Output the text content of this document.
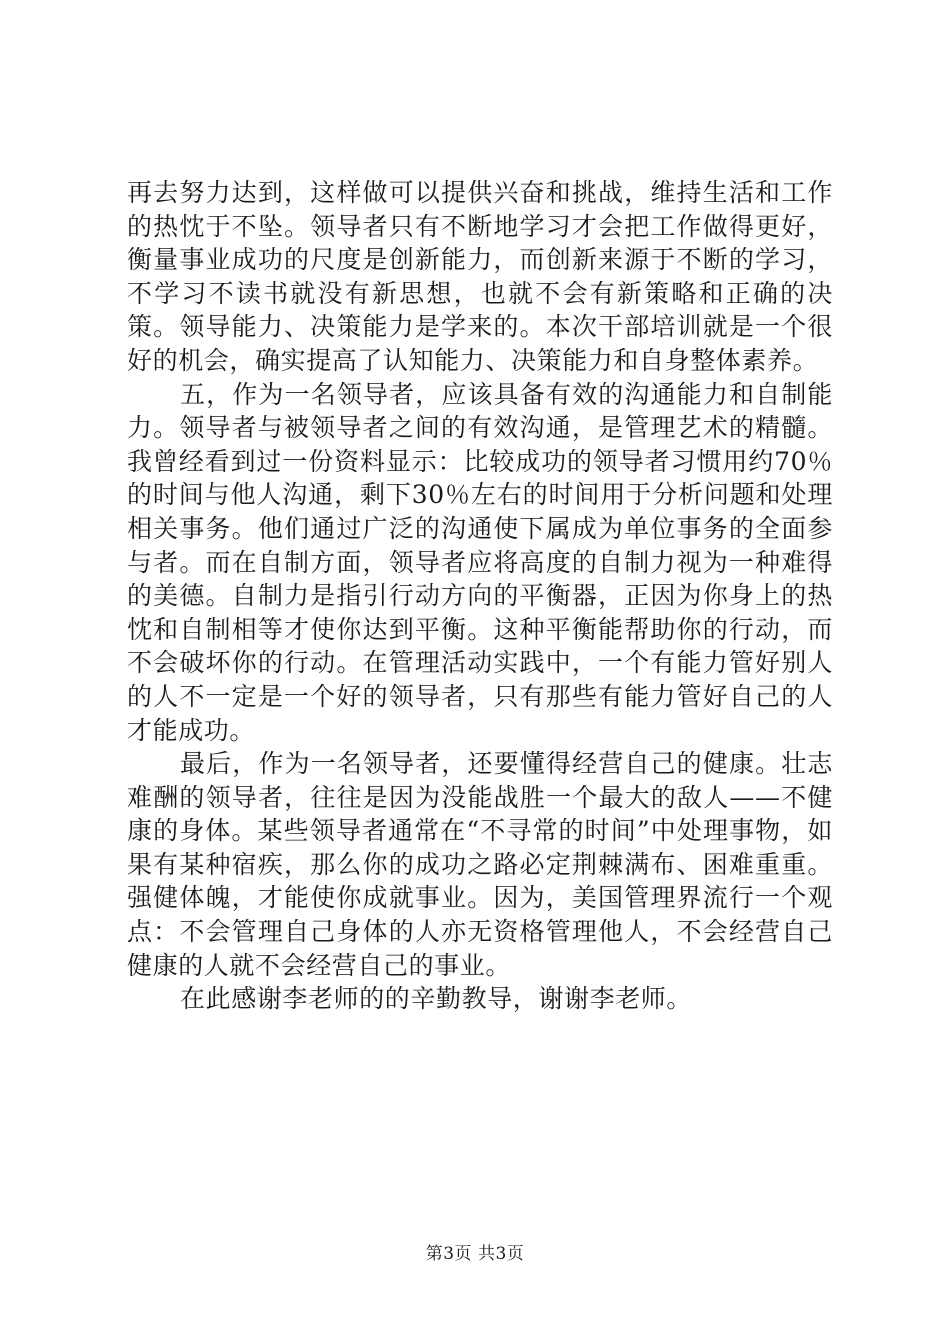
再去努力达到，这样做可以提供兴奋和挑战，维持生活和工作的热忱于不坠。领导者只有不断地学习才会把工作做得更好，衡量事业成功的尺度是创新能力，而创新来源于不断的学习，不学习不读书就没有新思想，也就不会有新策略和正确的决策。领导能力、决策能力是学来的。本次干部培训就是一个很好的机会，确实提高了认知能力、决策能力和自身整体素养。

五，作为一名领导者，应该具备有效的沟通能力和自制能力。领导者与被领导者之间的有效沟通，是管理艺术的精髓。我曾经看到过一份资料显示：比较成功的领导者习惯用约70％的时间与他人沟通，剩下30％左右的时间用于分析问题和处理相关事务。他们通过广泛的沟通使下属成为单位事务的全面参与者。而在自制方面，领导者应将高度的自制力视为一种难得的美德。自制力是指引行动方向的平衡器，正因为你身上的热忱和自制相等才使你达到平衡。这种平衡能帮助你的行动，而不会破坏你的行动。在管理活动实践中，一个有能力管好别人的人不一定是一个好的领导者，只有那些有能力管好自己的人才能成功。

最后，作为一名领导者，还要懂得经营自己的健康。壮志难酬的领导者，往往是因为没能战胜一个最大的敌人——不健康的身体。某些领导者通常在“不寻常的时间”中处理事物，如果有某种宿疾，那么你的成功之路必定荆棘满布、困难重重。强健体魄，才能使你成就事业。因为，美国管理界流行一个观点：不会管理自己身体的人亦无资格管理他人，不会经营自己健康的人就不会经营自己的事业。

在此感谢李老师的的辛勤教导，谢谢李老师。

第3页 共3页
